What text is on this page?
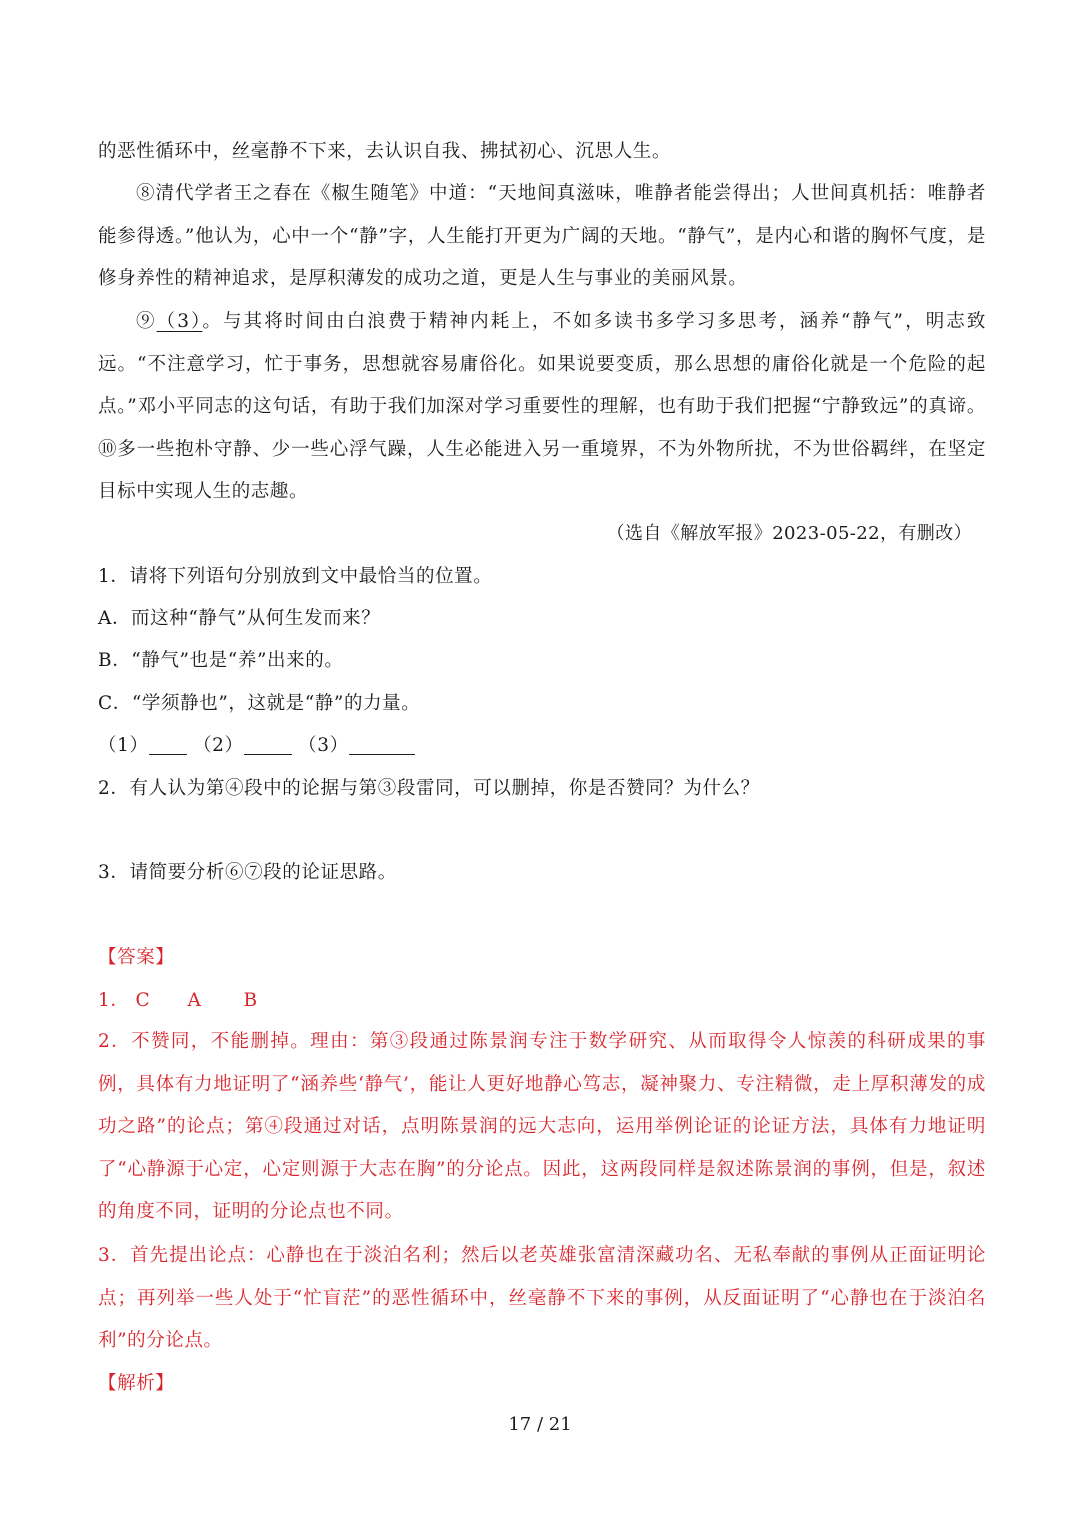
的恶性循环中，丝毫静不下来，去认识自我、拂拭初心、沉思人生。

⑧清代学者王之春在《椒生随笔》中道：“天地间真滋味，唯静者能尝得出；人世间真机括：唯静者能参得透。”他认为，心中一个“静”字，人生能打开更为广阔的天地。“静气”，是内心和谐的胸怀气度，是修身养性的精神追求，是厚积薄发的成功之道，更是人生与事业的美丽风景。

⑨（3）。与其将时间由白浪费于精神内耗上，不如多读书多学习多思考，涵养“静气”，明志致远。“不注意学习，忙于事务，思想就容易庸俗化。如果说要变质，那么思想的庸俗化就是一个危险的起点。”邓小平同志的这句话，有助于我们加深对学习重要性的理解，也有助于我们把握“宁静致远”的真谛。⑩多一些抱朴守静、少一些心浮气躁，人生必能进入另一重境界，不为外物所扰，不为世俗羁绊，在坚定目标中实现人生的志趣。

（选自《解放军报》2023-05-22，有删改）
1．请将下列语句分别放到文中最恰当的位置。
A．而这种“静气”从何生发而来？
B．“静气”也是“养”出来的。
C．“学须静也”，这就是“静”的力量。
（1） （2）	（3）
2．有人认为第④段中的论据与第③段雷同，可以删掉，你是否赞同？为什么？
3．请简要分析⑥⑦段的论证思路。
【答案】
1． C A B

2．不赞同，不能删掉。理由：第③段通过陈景润专注于数学研究、从而取得令人惊羡的科研成果的事例，具体有力地证明了“涵养些‘静气’，能让人更好地静心笃志，凝神聚力、专注精微，走上厚积薄发的成功之路”的论点；第④段通过对话，点明陈景润的远大志向，运用举例论证的论证方法，具体有力地证明了“心静源于心定，心定则源于大志在胸”的分论点。因此，这两段同样是叙述陈景润的事例，但是，叙述的角度不同，证明的分论点也不同。

3．首先提出论点：心静也在于淡泊名利；然后以老英雄张富清深藏功名、无私奉献的事例从正面证明论点；再列举一些人处于“忙盲茫”的恶性循环中，丝毫静不下来的事例，从反面证明了“心静也在于淡泊名利”的分论点。

【解析】
17 / 21
